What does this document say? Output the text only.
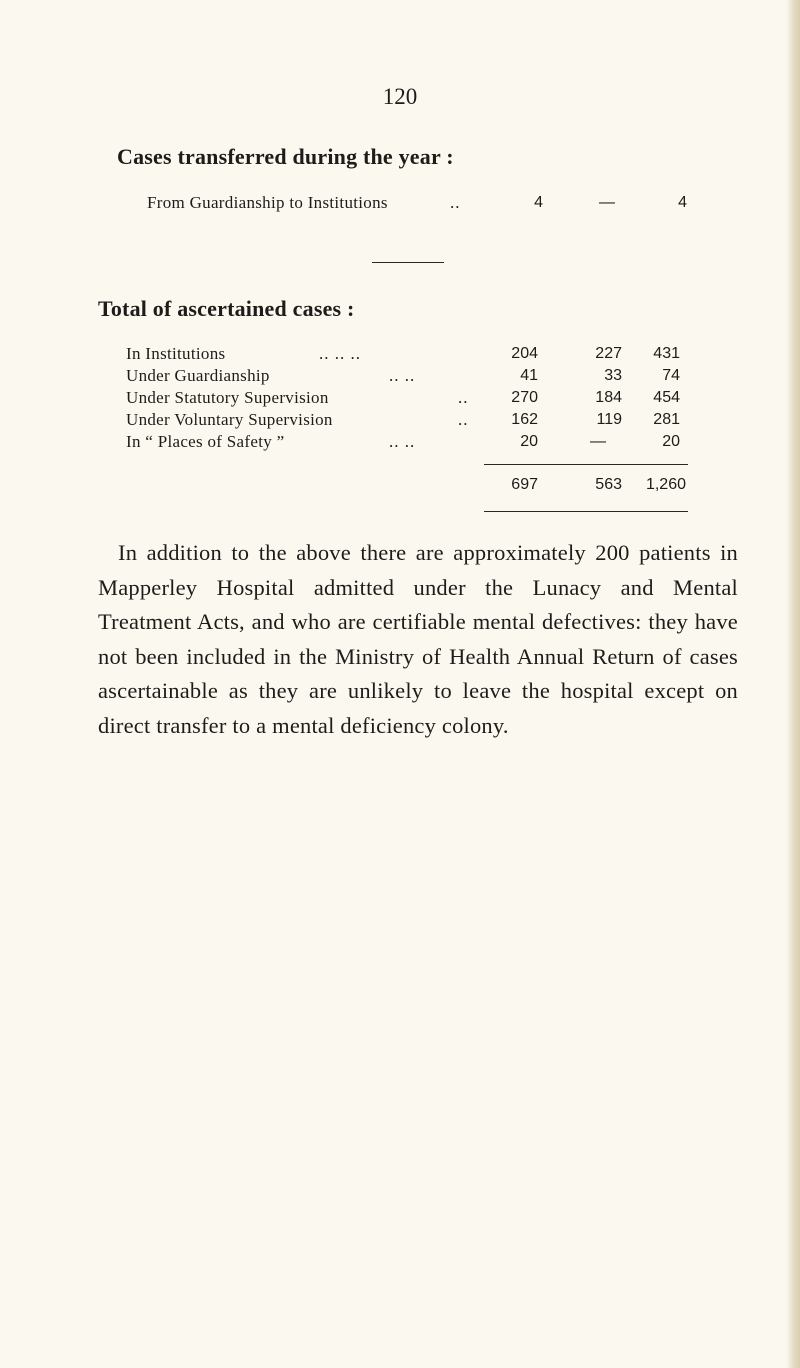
120
Cases transferred during the year :
From Guardianship to Institutions	..	4	—	4
Total of ascertained cases :
In Institutions	.. .. ..	204	227	431
Under Guardianship	.. ..	41	33	74
Under Statutory Supervision	..	270	184	454
Under Voluntary Supervision	..	162	119	281
In “ Places of Safety ”	.. ..	20	—	20
697	563	1,260

In addition to the above there are approximately 200 patients in Mapperley Hospital admitted under the Lunacy and Mental Treatment Acts, and who are certifiable mental defectives: they have not been included in the Ministry of Health Annual Return of cases ascertainable as they are unlikely to leave the hospital except on direct transfer to a mental deficiency colony.
